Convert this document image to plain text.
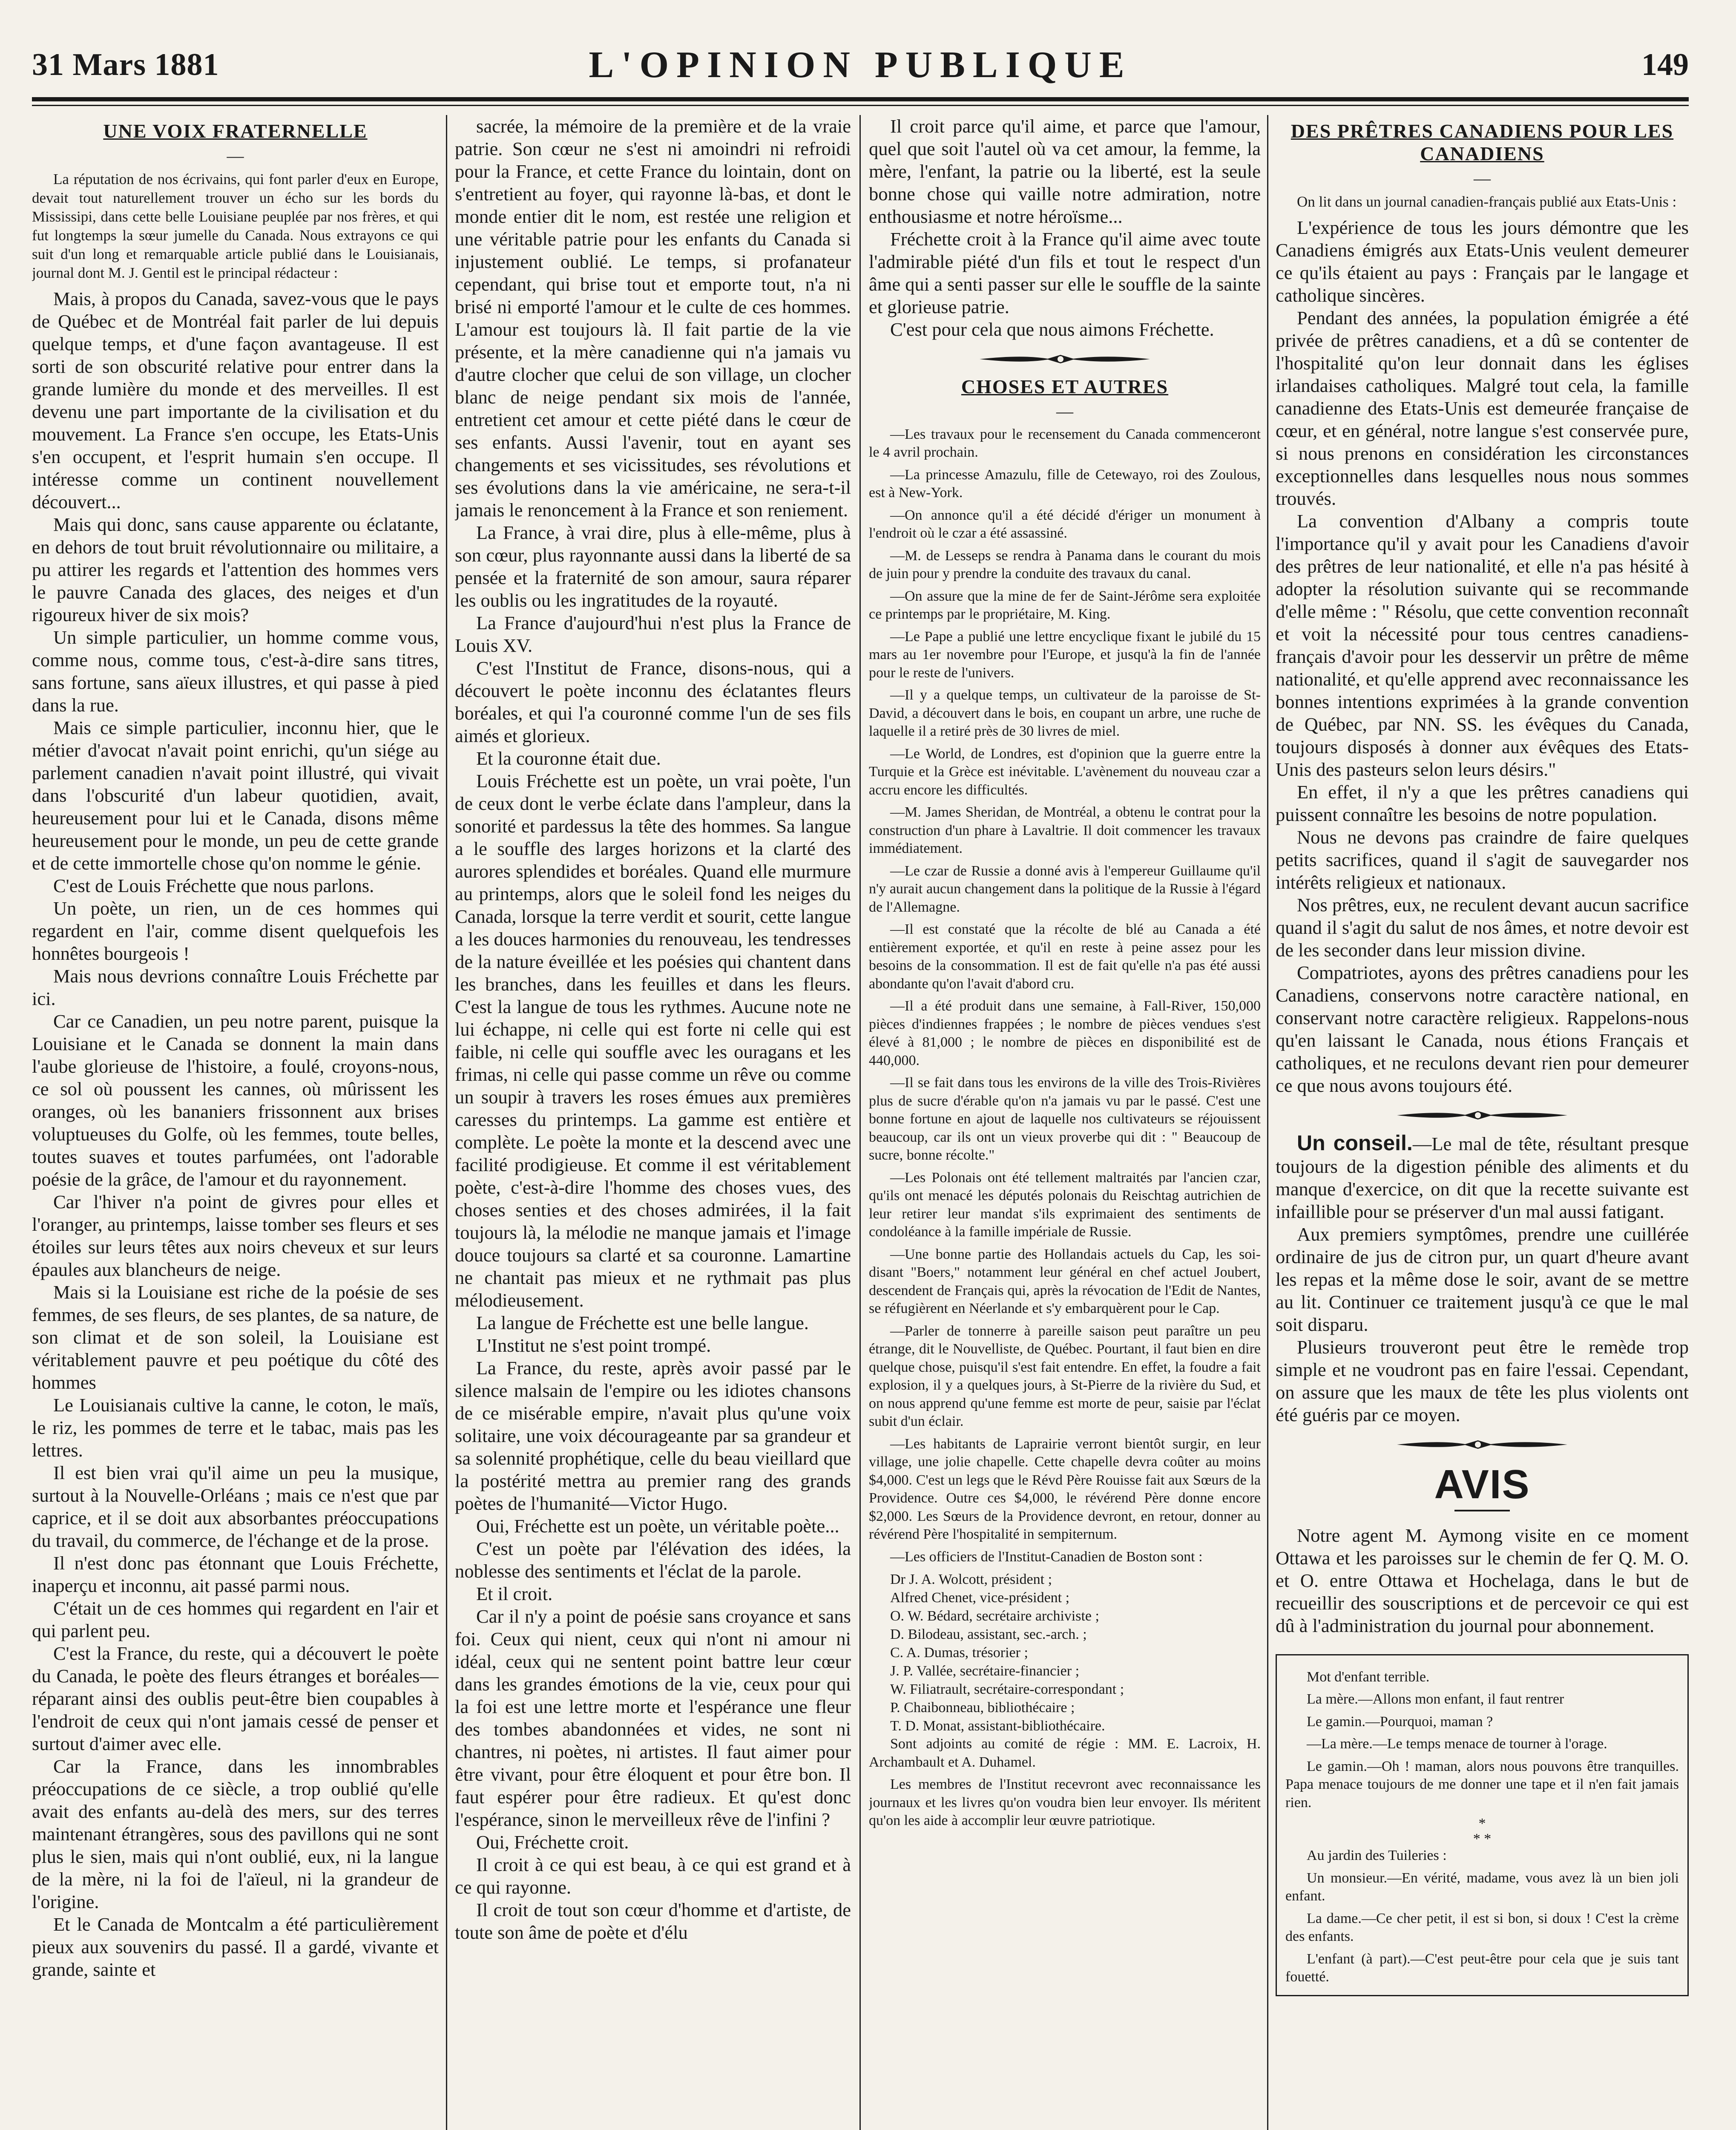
31 Mars 1881	L'OPINION PUBLIQUE	149
UNE VOIX FRATERNELLE
—

La réputation de nos écrivains, qui font parler d'eux en Europe, devait tout naturellement trouver un écho sur les bords du Mississipi, dans cette belle Louisiane peuplée par nos frères, et qui fut longtemps la sœur jumelle du Canada. Nous extrayons ce qui suit d'un long et remarquable article publié dans le Louisianais, journal dont M. J. Gentil est le principal rédacteur :

Mais, à propos du Canada, savez-vous que le pays de Québec et de Montréal fait parler de lui depuis quelque temps, et d'une façon avantageuse. Il est sorti de son obscurité relative pour entrer dans la grande lumière du monde et des merveilles. Il est devenu une part importante de la civilisation et du mouvement. La France s'en occupe, les Etats-Unis s'en occupent, et l'esprit humain s'en occupe. Il intéresse comme un continent nouvellement découvert...

Mais qui donc, sans cause apparente ou éclatante, en dehors de tout bruit révolutionnaire ou militaire, a pu attirer les regards et l'attention des hommes vers le pauvre Canada des glaces, des neiges et d'un rigoureux hiver de six mois?

Un simple particulier, un homme comme vous, comme nous, comme tous, c'est-à-dire sans titres, sans fortune, sans aïeux illustres, et qui passe à pied dans la rue.

Mais ce simple particulier, inconnu hier, que le métier d'avocat n'avait point enrichi, qu'un siége au parlement canadien n'avait point illustré, qui vivait dans l'obscurité d'un labeur quotidien, avait, heureusement pour lui et le Canada, disons même heureusement pour le monde, un peu de cette grande et de cette immortelle chose qu'on nomme le génie.

C'est de Louis Fréchette que nous parlons.

Un poète, un rien, un de ces hommes qui regardent en l'air, comme disent quelquefois les honnêtes bourgeois !

Mais nous devrions connaître Louis Fréchette par ici.

Car ce Canadien, un peu notre parent, puisque la Louisiane et le Canada se donnent la main dans l'aube glorieuse de l'histoire, a foulé, croyons-nous, ce sol où poussent les cannes, où mûrissent les oranges, où les bananiers frissonnent aux brises voluptueuses du Golfe, où les femmes, toute belles, toutes suaves et toutes parfumées, ont l'adorable poésie de la grâce, de l'amour et du rayonnement.

Car l'hiver n'a point de givres pour elles et l'oranger, au printemps, laisse tomber ses fleurs et ses étoiles sur leurs têtes aux noirs cheveux et sur leurs épaules aux blancheurs de neige.

Mais si la Louisiane est riche de la poésie de ses femmes, de ses fleurs, de ses plantes, de sa nature, de son climat et de son soleil, la Louisiane est véritablement pauvre et peu poétique du côté des hommes

Le Louisianais cultive la canne, le coton, le maïs, le riz, les pommes de terre et le tabac, mais pas les lettres.

Il est bien vrai qu'il aime un peu la musique, surtout à la Nouvelle-Orléans ; mais ce n'est que par caprice, et il se doit aux absorbantes préoccupations du travail, du commerce, de l'échange et de la prose.

Il n'est donc pas étonnant que Louis Fréchette, inaperçu et inconnu, ait passé parmi nous.

C'était un de ces hommes qui regardent en l'air et qui parlent peu.

C'est la France, du reste, qui a découvert le poète du Canada, le poète des fleurs étranges et boréales—réparant ainsi des oublis peut-être bien coupables à l'endroit de ceux qui n'ont jamais cessé de penser et surtout d'aimer avec elle.

Car la France, dans les innombrables préoccupations de ce siècle, a trop oublié qu'elle avait des enfants au-delà des mers, sur des terres maintenant étrangères, sous des pavillons qui ne sont plus le sien, mais qui n'ont oublié, eux, ni la langue de la mère, ni la foi de l'aïeul, ni la grandeur de l'origine.

Et le Canada de Montcalm a été particulièrement pieux aux souvenirs du passé. Il a gardé, vivante et grande, sainte et

sacrée, la mémoire de la première et de la vraie patrie. Son cœur ne s'est ni amoindri ni refroidi pour la France, et cette France du lointain, dont on s'entretient au foyer, qui rayonne là-bas, et dont le monde entier dit le nom, est restée une religion et une véritable patrie pour les enfants du Canada si injustement oublié. Le temps, si profanateur cependant, qui brise tout et emporte tout, n'a ni brisé ni emporté l'amour et le culte de ces hommes. L'amour est toujours là. Il fait partie de la vie présente, et la mère canadienne qui n'a jamais vu d'autre clocher que celui de son village, un clocher blanc de neige pendant six mois de l'année, entretient cet amour et cette piété dans le cœur de ses enfants. Aussi l'avenir, tout en ayant ses changements et ses vicissitudes, ses révolutions et ses évolutions dans la vie américaine, ne sera-t-il jamais le renoncement à la France et son reniement.

La France, à vrai dire, plus à elle-même, plus à son cœur, plus rayonnante aussi dans la liberté de sa pensée et la fraternité de son amour, saura réparer les oublis ou les ingratitudes de la royauté.

La France d'aujourd'hui n'est plus la France de Louis XV.

C'est l'Institut de France, disons-nous, qui a découvert le poète inconnu des éclatantes fleurs boréales, et qui l'a couronné comme l'un de ses fils aimés et glorieux.

Et la couronne était due.

Louis Fréchette est un poète, un vrai poète, l'un de ceux dont le verbe éclate dans l'ampleur, dans la sonorité et pardessus la tête des hommes. Sa langue a le souffle des larges horizons et la clarté des aurores splendides et boréales. Quand elle murmure au printemps, alors que le soleil fond les neiges du Canada, lorsque la terre verdit et sourit, cette langue a les douces harmonies du renouveau, les tendresses de la nature éveillée et les poésies qui chantent dans les branches, dans les feuilles et dans les fleurs. C'est la langue de tous les rythmes. Aucune note ne lui échappe, ni celle qui est forte ni celle qui est faible, ni celle qui souffle avec les ouragans et les frimas, ni celle qui passe comme un rêve ou comme un soupir à travers les roses émues aux premières caresses du printemps. La gamme est entière et complète. Le poète la monte et la descend avec une facilité prodigieuse. Et comme il est véritablement poète, c'est-à-dire l'homme des choses vues, des choses senties et des choses admirées, il la fait toujours là, la mélodie ne manque jamais et l'image douce toujours sa clarté et sa couronne. Lamartine ne chantait pas mieux et ne rythmait pas plus mélodieusement.

La langue de Fréchette est une belle langue.

L'Institut ne s'est point trompé.

La France, du reste, après avoir passé par le silence malsain de l'empire ou les idiotes chansons de ce misérable empire, n'avait plus qu'une voix solitaire, une voix décourageante par sa grandeur et sa solennité prophétique, celle du beau vieillard que la postérité mettra au premier rang des grands poètes de l'humanité—Victor Hugo.

Oui, Fréchette est un poète, un véritable poète...

C'est un poète par l'élévation des idées, la noblesse des sentiments et l'éclat de la parole.

Et il croit.

Car il n'y a point de poésie sans croyance et sans foi. Ceux qui nient, ceux qui n'ont ni amour ni idéal, ceux qui ne sentent point battre leur cœur dans les grandes émotions de la vie, ceux pour qui la foi est une lettre morte et l'espérance une fleur des tombes abandonnées et vides, ne sont ni chantres, ni poètes, ni artistes. Il faut aimer pour être vivant, pour être éloquent et pour être bon. Il faut espérer pour être radieux. Et qu'est donc l'espérance, sinon le merveilleux rêve de l'infini ?

Oui, Fréchette croit.

Il croit à ce qui est beau, à ce qui est grand et à ce qui rayonne.

Il croit de tout son cœur d'homme et d'artiste, de toute son âme de poète et d'élu

Il croit parce qu'il aime, et parce que l'amour, quel que soit l'autel où va cet amour, la femme, la mère, l'enfant, la patrie ou la liberté, est la seule bonne chose qui vaille notre admiration, notre enthousiasme et notre héroïsme...

Fréchette croit à la France qu'il aime avec toute l'admirable piété d'un fils et tout le respect d'un âme qui a senti passer sur elle le souffle de la sainte et glorieuse patrie.

C'est pour cela que nous aimons Fréchette.

CHOSES ET AUTRES
—

—Les travaux pour le recensement du Canada commenceront le 4 avril prochain.

—La princesse Amazulu, fille de Cetewayo, roi des Zoulous, est à New-York.

—On annonce qu'il a été décidé d'ériger un monument à l'endroit où le czar a été assassiné.

—M. de Lesseps se rendra à Panama dans le courant du mois de juin pour y prendre la conduite des travaux du canal.

—On assure que la mine de fer de Saint-Jérôme sera exploitée ce printemps par le propriétaire, M. King.

—Le Pape a publié une lettre encyclique fixant le jubilé du 15 mars au 1er novembre pour l'Europe, et jusqu'à la fin de l'année pour le reste de l'univers.

—Il y a quelque temps, un cultivateur de la paroisse de St-David, a découvert dans le bois, en coupant un arbre, une ruche de laquelle il a retiré près de 30 livres de miel.

—Le World, de Londres, est d'opinion que la guerre entre la Turquie et la Grèce est inévitable. L'avènement du nouveau czar a accru encore les difficultés.

—M. James Sheridan, de Montréal, a obtenu le contrat pour la construction d'un phare à Lavaltrie. Il doit commencer les travaux immédiatement.

—Le czar de Russie a donné avis à l'empereur Guillaume qu'il n'y aurait aucun changement dans la politique de la Russie à l'égard de l'Allemagne.

—Il est constaté que la récolte de blé au Canada a été entièrement exportée, et qu'il en reste à peine assez pour les besoins de la consommation. Il est de fait qu'elle n'a pas été aussi abondante qu'on l'avait d'abord cru.

—Il a été produit dans une semaine, à Fall-River, 150,000 pièces d'indiennes frappées ; le nombre de pièces vendues s'est élevé à 81,000 ; le nombre de pièces en disponibilité est de 440,000.

—Il se fait dans tous les environs de la ville des Trois-Rivières plus de sucre d'érable qu'on n'a jamais vu par le passé. C'est une bonne fortune en ajout de laquelle nos cultivateurs se réjouissent beaucoup, car ils ont un vieux proverbe qui dit : " Beaucoup de sucre, bonne récolte."

—Les Polonais ont été tellement maltraités par l'ancien czar, qu'ils ont menacé les députés polonais du Reischtag autrichien de leur retirer leur mandat s'ils exprimaient des sentiments de condoléance à la famille impériale de Russie.

—Une bonne partie des Hollandais actuels du Cap, les soi-disant "Boers," notamment leur général en chef actuel Joubert, descendent de Français qui, après la révocation de l'Edit de Nantes, se réfugièrent en Néerlande et s'y embarquèrent pour le Cap.

—Parler de tonnerre à pareille saison peut paraître un peu étrange, dit le Nouvelliste, de Québec. Pourtant, il faut bien en dire quelque chose, puisqu'il s'est fait entendre. En effet, la foudre a fait explosion, il y a quelques jours, à St-Pierre de la rivière du Sud, et on nous apprend qu'une femme est morte de peur, saisie par l'éclat subit d'un éclair.

—Les habitants de Laprairie verront bientôt surgir, en leur village, une jolie chapelle. Cette chapelle devra coûter au moins $4,000. C'est un legs que le Révd Père Rouisse fait aux Sœurs de la Providence. Outre ces $4,000, le révérend Père donne encore $2,000. Les Sœurs de la Providence devront, en retour, donner au révérend Père l'hospitalité in sempiternum.

—Les officiers de l'Institut-Canadien de Boston sont :

Dr J. A. Wolcott, président ;
Alfred Chenet, vice-président ;
O. W. Bédard, secrétaire archiviste ;
D. Bilodeau, assistant, sec.-arch. ;
C. A. Dumas, trésorier ;
J. P. Vallée, secrétaire-financier ;
W. Filiatrault, secrétaire-correspondant ;
P. Chaibonneau, bibliothécaire ;
T. D. Monat, assistant-bibliothécaire.

Sont adjoints au comité de régie : MM. E. Lacroix, H. Archambault et A. Duhamel.

Les membres de l'Institut recevront avec reconnaissance les journaux et les livres qu'on voudra bien leur envoyer. Ils méritent qu'on les aide à accomplir leur œuvre patriotique.

DES PRÊTRES CANADIENS POUR LES CANADIENS
—

On lit dans un journal canadien-français publié aux Etats-Unis :

L'expérience de tous les jours démontre que les Canadiens émigrés aux Etats-Unis veulent demeurer ce qu'ils étaient au pays : Français par le langage et catholique sincères.

Pendant des années, la population émigrée a été privée de prêtres canadiens, et a dû se contenter de l'hospitalité qu'on leur donnait dans les églises irlandaises catholiques. Malgré tout cela, la famille canadienne des Etats-Unis est demeurée française de cœur, et en général, notre langue s'est conservée pure, si nous prenons en considération les circonstances exceptionnelles dans lesquelles nous nous sommes trouvés.

La convention d'Albany a compris toute l'importance qu'il y avait pour les Canadiens d'avoir des prêtres de leur nationalité, et elle n'a pas hésité à adopter la résolution suivante qui se recommande d'elle même : " Résolu, que cette convention reconnaît et voit la nécessité pour tous centres canadiens-français d'avoir pour les desservir un prêtre de même nationalité, et qu'elle apprend avec reconnaissance les bonnes intentions exprimées à la grande convention de Québec, par NN. SS. les évêques du Canada, toujours disposés à donner aux évêques des Etats-Unis des pasteurs selon leurs désirs."

En effet, il n'y a que les prêtres canadiens qui puissent connaître les besoins de notre population.

Nous ne devons pas craindre de faire quelques petits sacrifices, quand il s'agit de sauvegarder nos intérêts religieux et nationaux.

Nos prêtres, eux, ne reculent devant aucun sacrifice quand il s'agit du salut de nos âmes, et notre devoir est de les seconder dans leur mission divine.

Compatriotes, ayons des prêtres canadiens pour les Canadiens, conservons notre caractère national, en conservant notre caractère religieux. Rappelons-nous qu'en laissant le Canada, nous étions Français et catholiques, et ne reculons devant rien pour demeurer ce que nous avons toujours été.

Un conseil.—Le mal de tête, résultant presque toujours de la digestion pénible des aliments et du manque d'exercice, on dit que la recette suivante est infaillible pour se préserver d'un mal aussi fatigant.

Aux premiers symptômes, prendre une cuillérée ordinaire de jus de citron pur, un quart d'heure avant les repas et la même dose le soir, avant de se mettre au lit. Continuer ce traitement jusqu'à ce que le mal soit disparu.

Plusieurs trouveront peut être le remède trop simple et ne voudront pas en faire l'essai. Cependant, on assure que les maux de tête les plus violents ont été guéris par ce moyen.

AVIS

Notre agent M. Aymong visite en ce moment Ottawa et les paroisses sur le chemin de fer Q. M. O. et O. entre Ottawa et Hochelaga, dans le but de recueillir des souscriptions et de percevoir ce qui est dû à l'administration du journal pour abonnement.

Mot d'enfant terrible.

La mère.—Allons mon enfant, il faut rentrer

Le gamin.—Pourquoi, maman ?

—La mère.—Le temps menace de tourner à l'orage.

Le gamin.—Oh ! maman, alors nous pouvons être tranquilles. Papa menace toujours de me donner une tape et il n'en fait jamais rien.

*
* *

Au jardin des Tuileries :

Un monsieur.—En vérité, madame, vous avez là un bien joli enfant.

La dame.—Ce cher petit, il est si bon, si doux ! C'est la crème des enfants.

L'enfant (à part).—C'est peut-être pour cela que je suis tant fouetté.
